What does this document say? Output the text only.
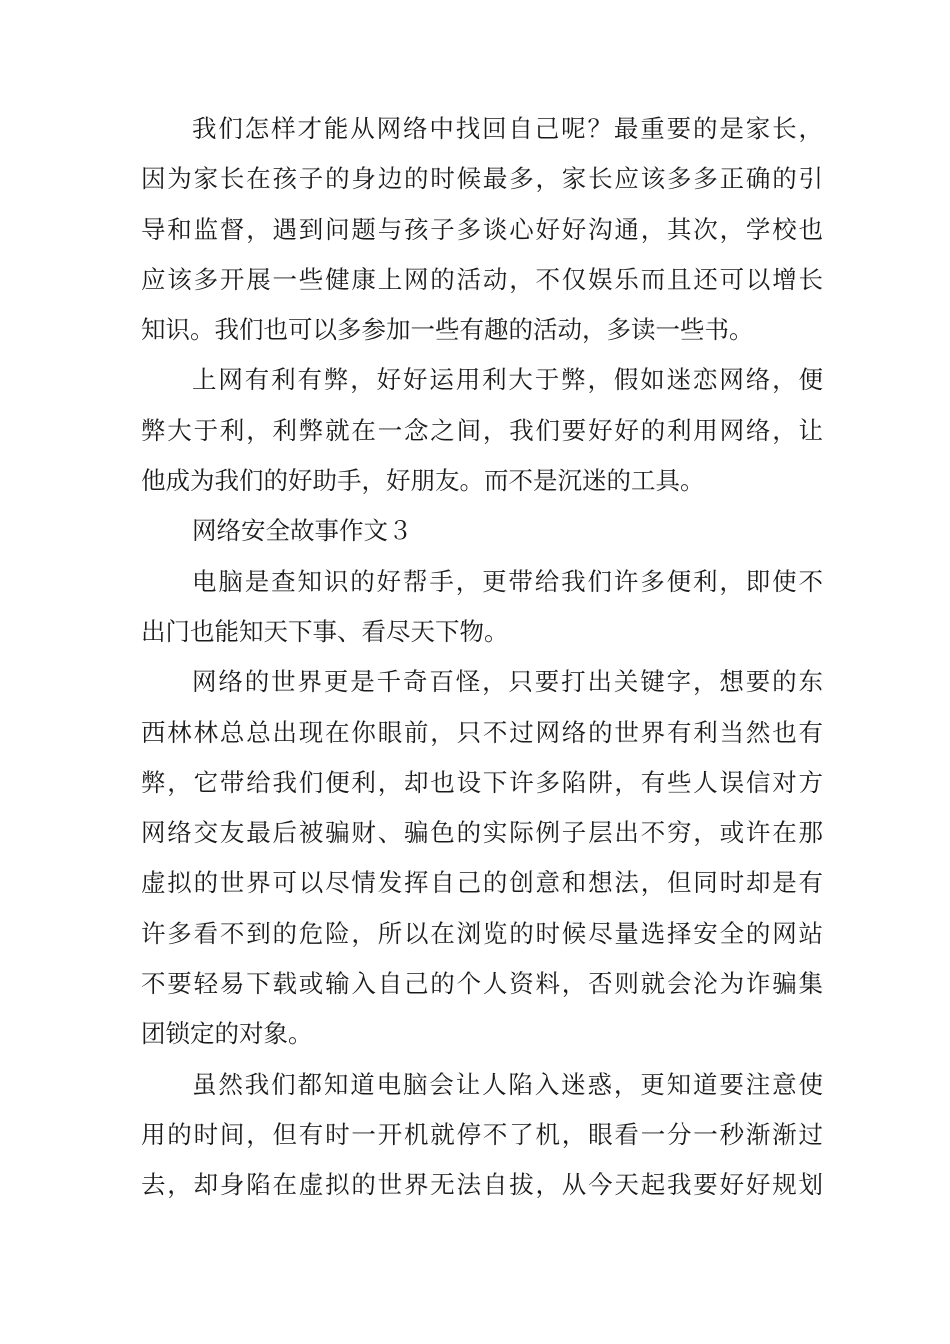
我们怎样才能从网络中找回自己呢？最重要的是家长，
因为家长在孩子的身边的时候最多，家长应该多多正确的引
导和监督，遇到问题与孩子多谈心好好沟通，其次，学校也
应该多开展一些健康上网的活动，不仅娱乐而且还可以增长
知识。我们也可以多参加一些有趣的活动，多读一些书。
上网有利有弊，好好运用利大于弊，假如迷恋网络，便
弊大于利，利弊就在一念之间，我们要好好的利用网络，让
他成为我们的好助手，好朋友。而不是沉迷的工具。
网络安全故事作文３
电脑是查知识的好帮手，更带给我们许多便利，即使不
出门也能知天下事、看尽天下物。
网络的世界更是千奇百怪，只要打出关键字，想要的东
西林林总总出现在你眼前，只不过网络的世界有利当然也有
弊，它带给我们便利，却也设下许多陷阱，有些人误信对方
网络交友最后被骗财、骗色的实际例子层出不穷，或许在那
虚拟的世界可以尽情发挥自己的创意和想法，但同时却是有
许多看不到的危险，所以在浏览的时候尽量选择安全的网站
不要轻易下载或输入自己的个人资料，否则就会沦为诈骗集
团锁定的对象。
虽然我们都知道电脑会让人陷入迷惑，更知道要注意使
用的时间，但有时一开机就停不了机，眼看一分一秒渐渐过
去，却身陷在虚拟的世界无法自拔，从今天起我要好好规划
